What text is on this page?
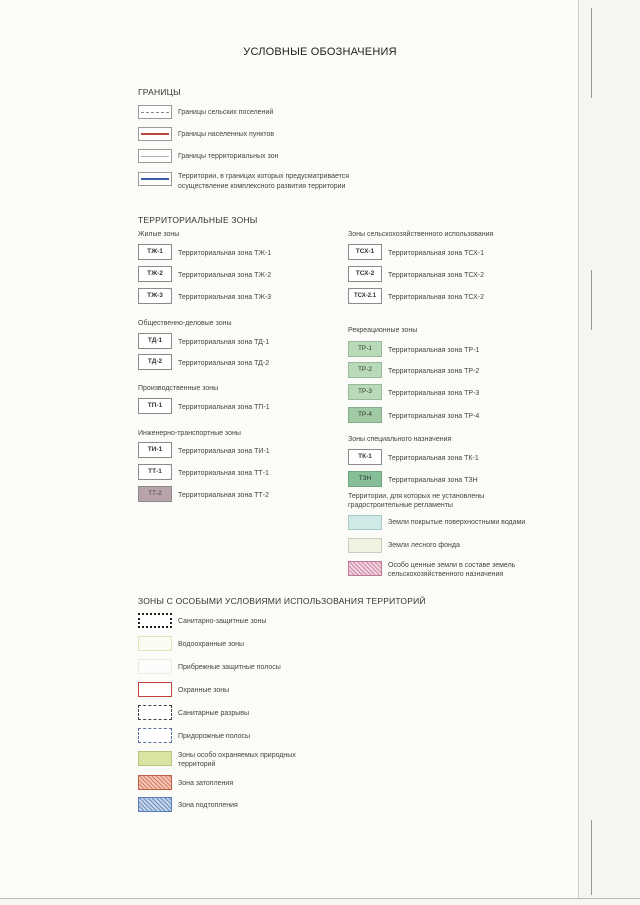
УСЛОВНЫЕ ОБОЗНАЧЕНИЯ
ГРАНИЦЫ
Границы сельских поселений
Границы населенных пунктов
Границы территориальных зон
Территории, в границах которых предусматривается
осуществление комплексного развития территории
ТЕРРИТОРИАЛЬНЫЕ ЗОНЫ
Жилые зоны
ТЖ-1	Территориальная зона ТЖ-1
ТЖ-2	Территориальная зона ТЖ-2
ТЖ-3	Территориальная зона ТЖ-3
Общественно-деловые зоны
ТД-1	Территориальная зона ТД-1
ТД-2	Территориальная зона ТД-2
Производственные зоны
ТП-1	Территориальная зона ТП-1
Инженерно-транспортные зоны
ТИ-1	Территориальная зона ТИ-1
ТТ-1	Территориальная зона ТТ-1
ТТ-2	Территориальная зона ТТ-2
Зоны сельскохозяйственного использования
ТСХ-1	Территориальная зона ТСХ-1
ТСХ-2	Территориальная зона ТСХ-2
ТСХ-2.1	Территориальная зона ТСХ-2
Рекреационные зоны
ТР-1	Территориальная зона ТР-1
ТР-2	Территориальная зона ТР-2
ТР-3	Территориальная зона ТР-3
ТР-4	Территориальная зона ТР-4
Зоны специального назначения
ТК-1	Территориальная зона ТК-1
ТЗН	Территориальная зона ТЗН
Территории, для которых не установлены
градостроительные регламенты
Земли покрытые поверхностными водами
Земли лесного фонда
Особо ценные земли в составе земель
сельскохозяйственного назначения
ЗОНЫ С ОСОБЫМИ УСЛОВИЯМИ ИСПОЛЬЗОВАНИЯ ТЕРРИТОРИЙ
Санитарно-защитные зоны
Водоохранные зоны
Прибрежные защитные полосы
Охранные зоны
Санитарные разрывы
Придорожные полосы
Зоны особо охраняемых природных
территорий
Зона затопления
Зона подтопления
